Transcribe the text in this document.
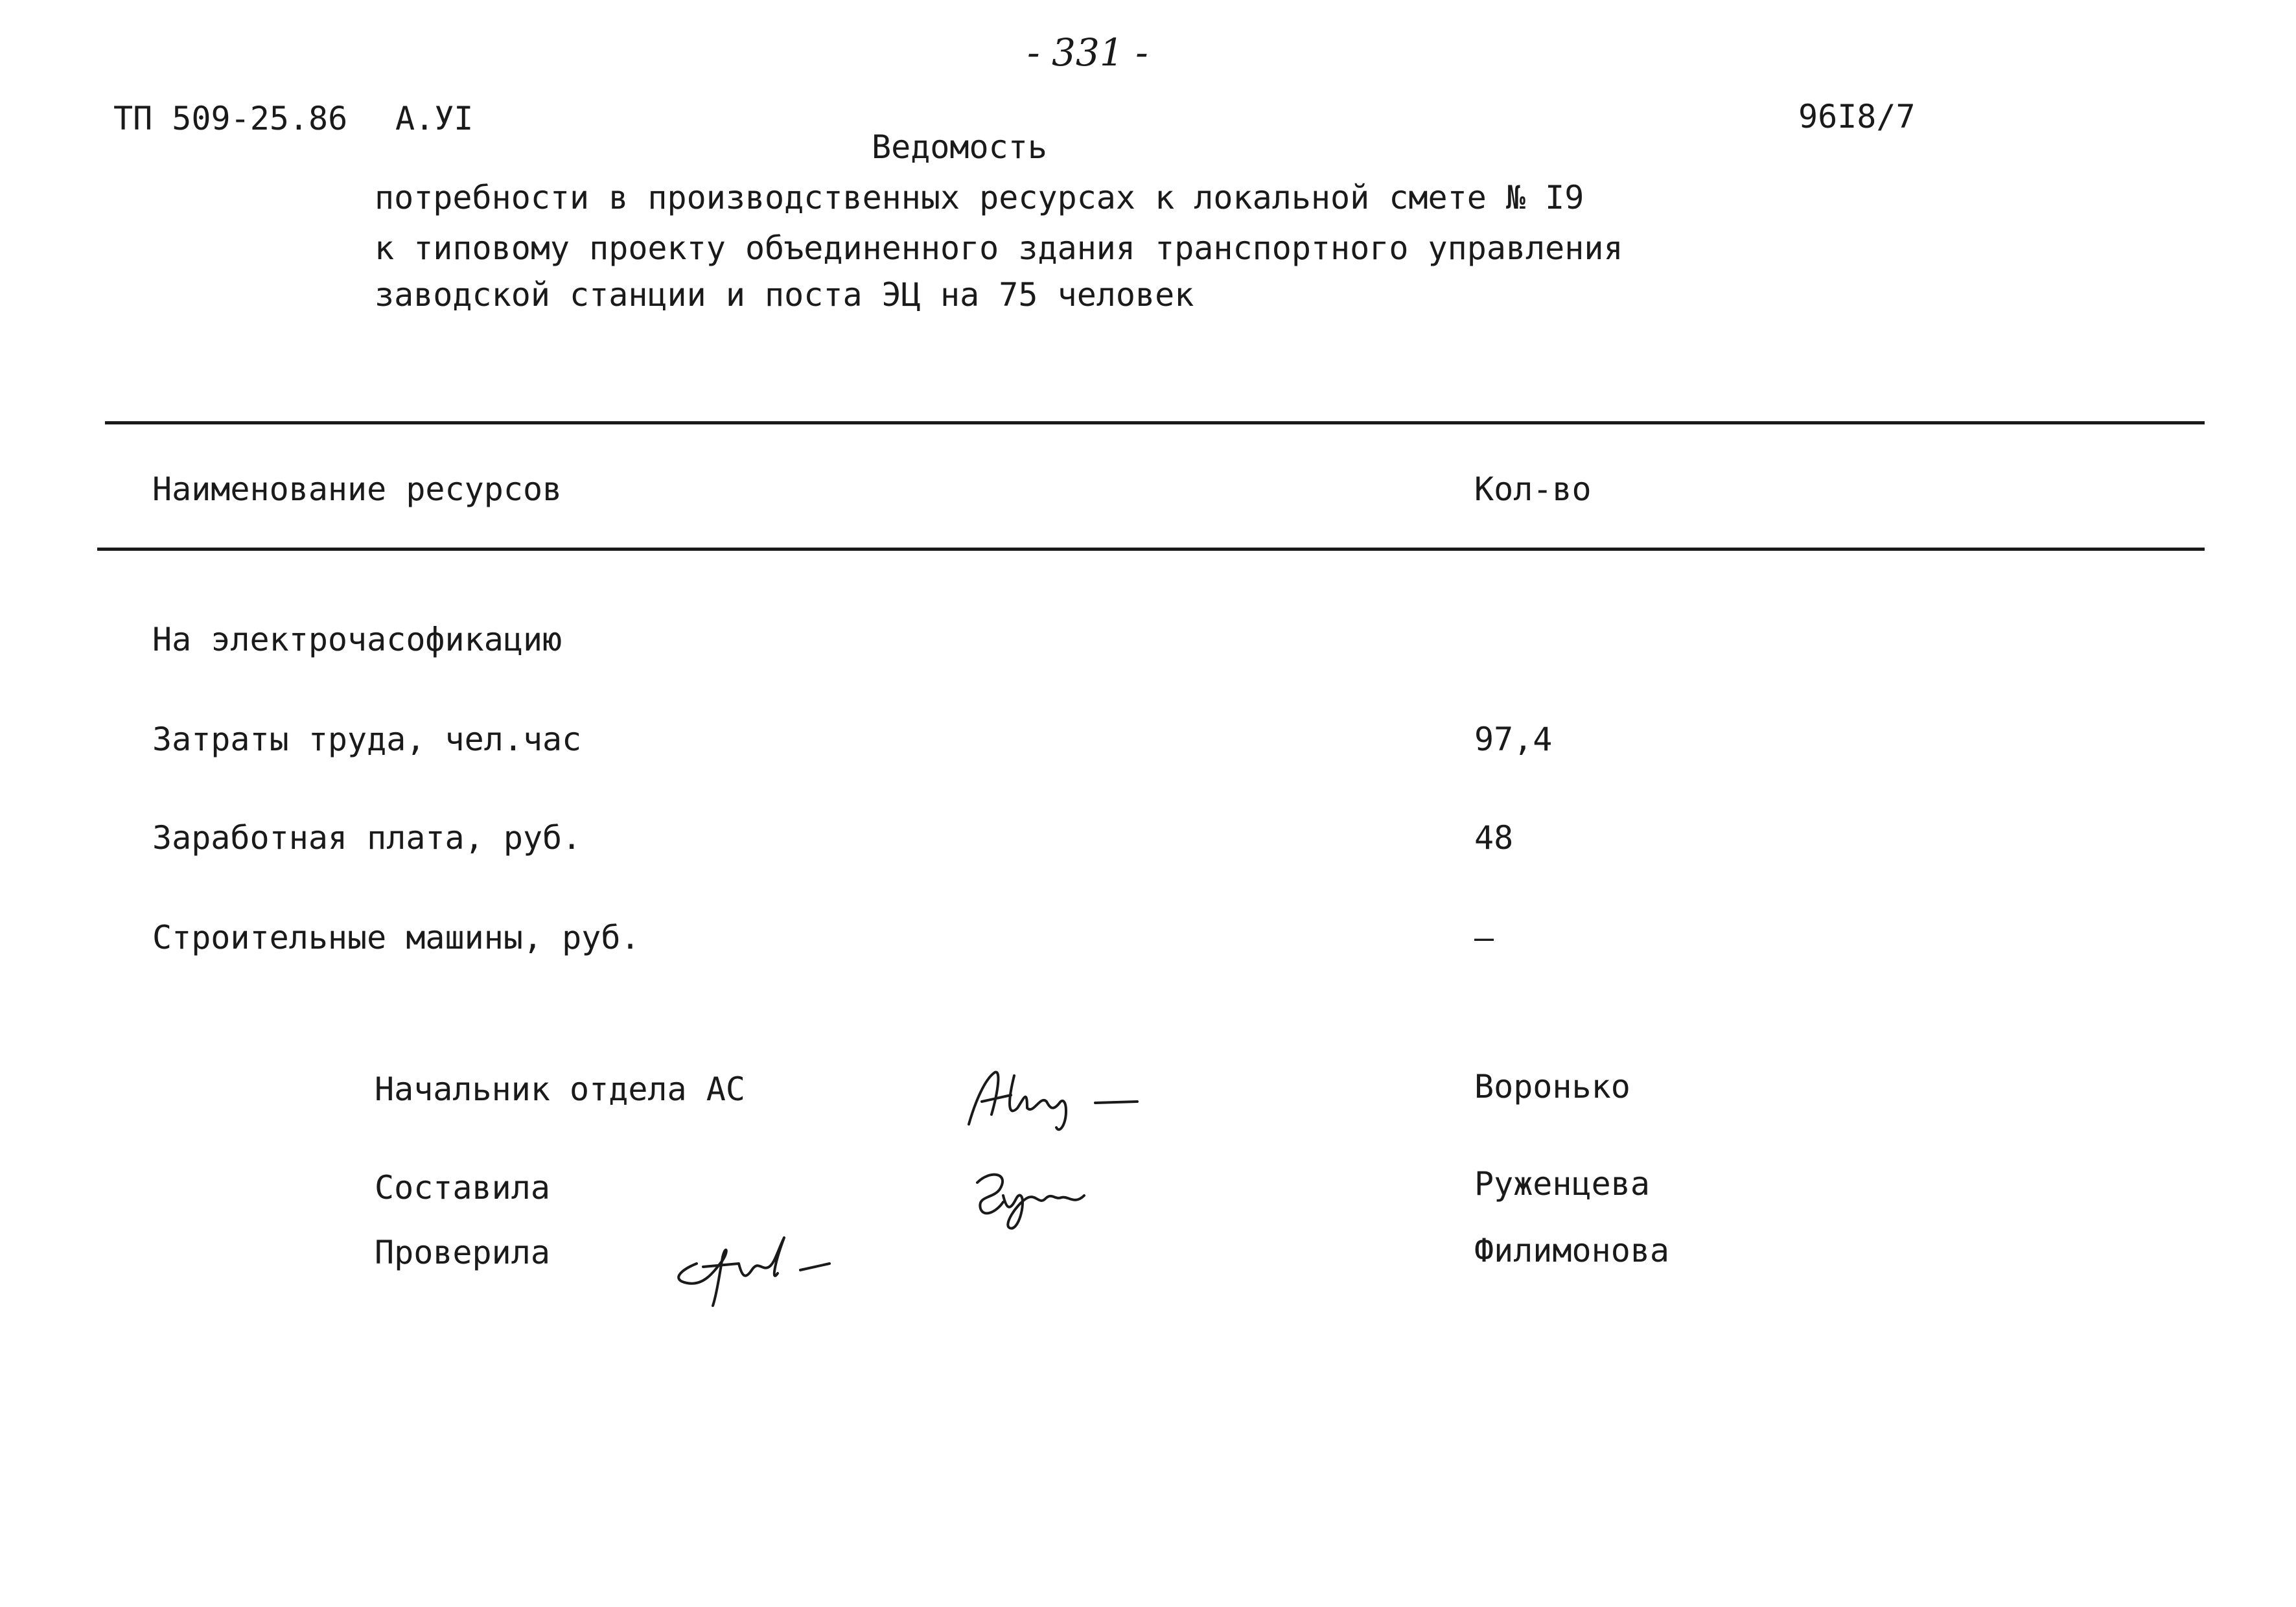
- 331 -
ТП 509-25.86 А.УI	96I8/7
Ведомость
потребности в производственных ресурсах к локальной смете № I9
к типовому проекту объединенного здания транспортного управления
заводской станции и поста ЭЦ на 75 человек
Наименование ресурсов	Кол-во
На электрочасофикацию
Затраты труда, чел.час	97,4
Заработная плата, руб.	48
Строительные машины, руб.	–
Начальник отдела АС	Воронько
Составила	Руженцева
Проверила	Филимонова
